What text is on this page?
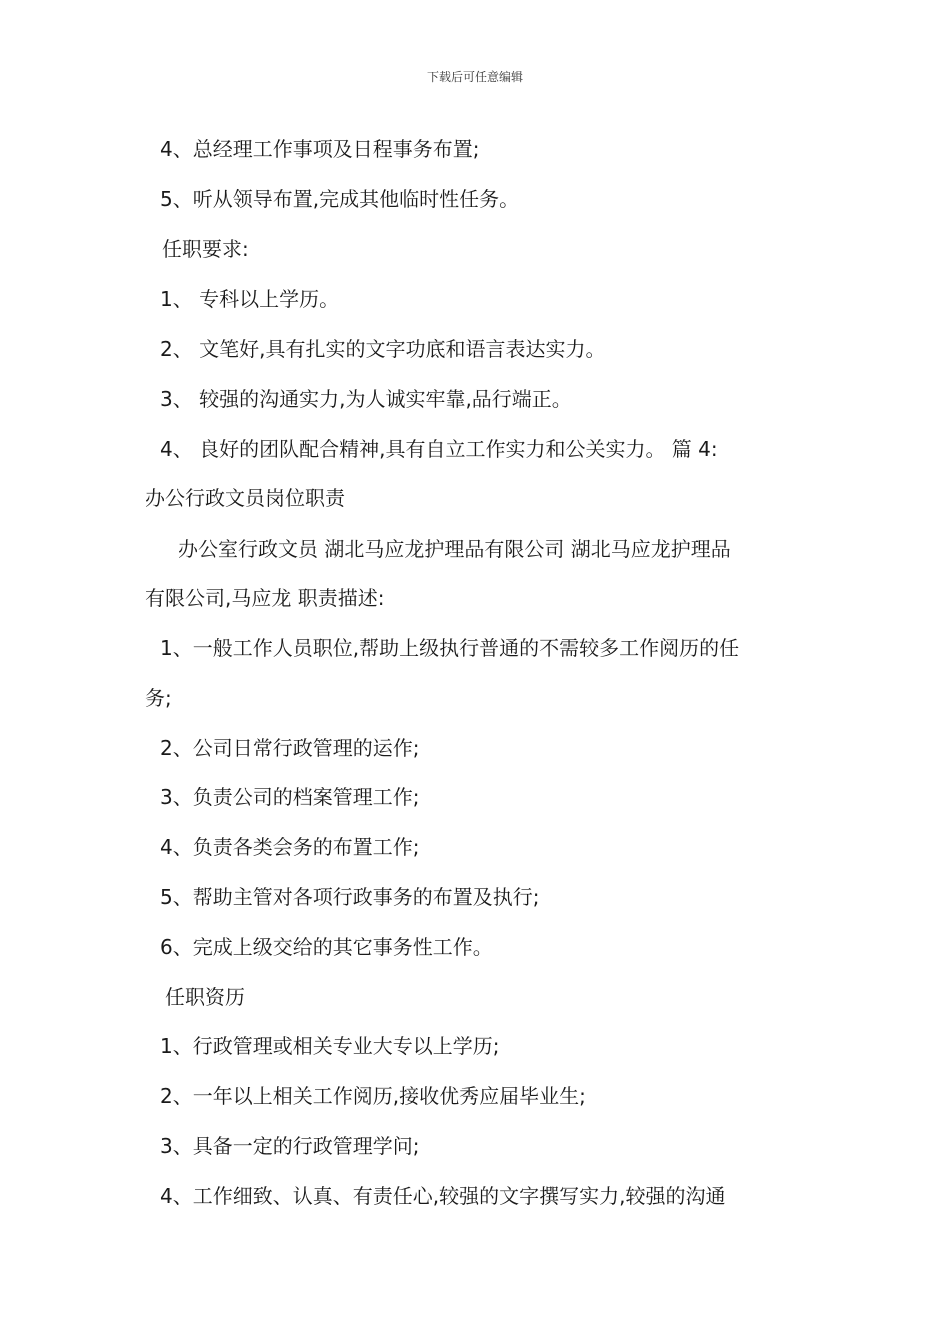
下载后可任意编辑
4、总经理工作事项及日程事务布置;
5、听从领导布置,完成其他临时性任务。
任职要求:
1、 专科以上学历。
2、 文笔好,具有扎实的文字功底和语言表达实力。
3、 较强的沟通实力,为人诚实牢靠,品行端正。
4、 良好的团队配合精神,具有自立工作实力和公关实力。 篇 4:
办公行政文员岗位职责
办公室行政文员 湖北马应龙护理品有限公司 湖北马应龙护理品
有限公司,马应龙 职责描述:
1、一般工作人员职位,帮助上级执行普通的不需较多工作阅历的任
务;
2、公司日常行政管理的运作;
3、负责公司的档案管理工作;
4、负责各类会务的布置工作;
5、帮助主管对各项行政事务的布置及执行;
6、完成上级交给的其它事务性工作。
任职资历
1、行政管理或相关专业大专以上学历;
2、一年以上相关工作阅历,接收优秀应届毕业生;
3、具备一定的行政管理学问;
4、工作细致、认真、有责任心,较强的文字撰写实力,较强的沟通
